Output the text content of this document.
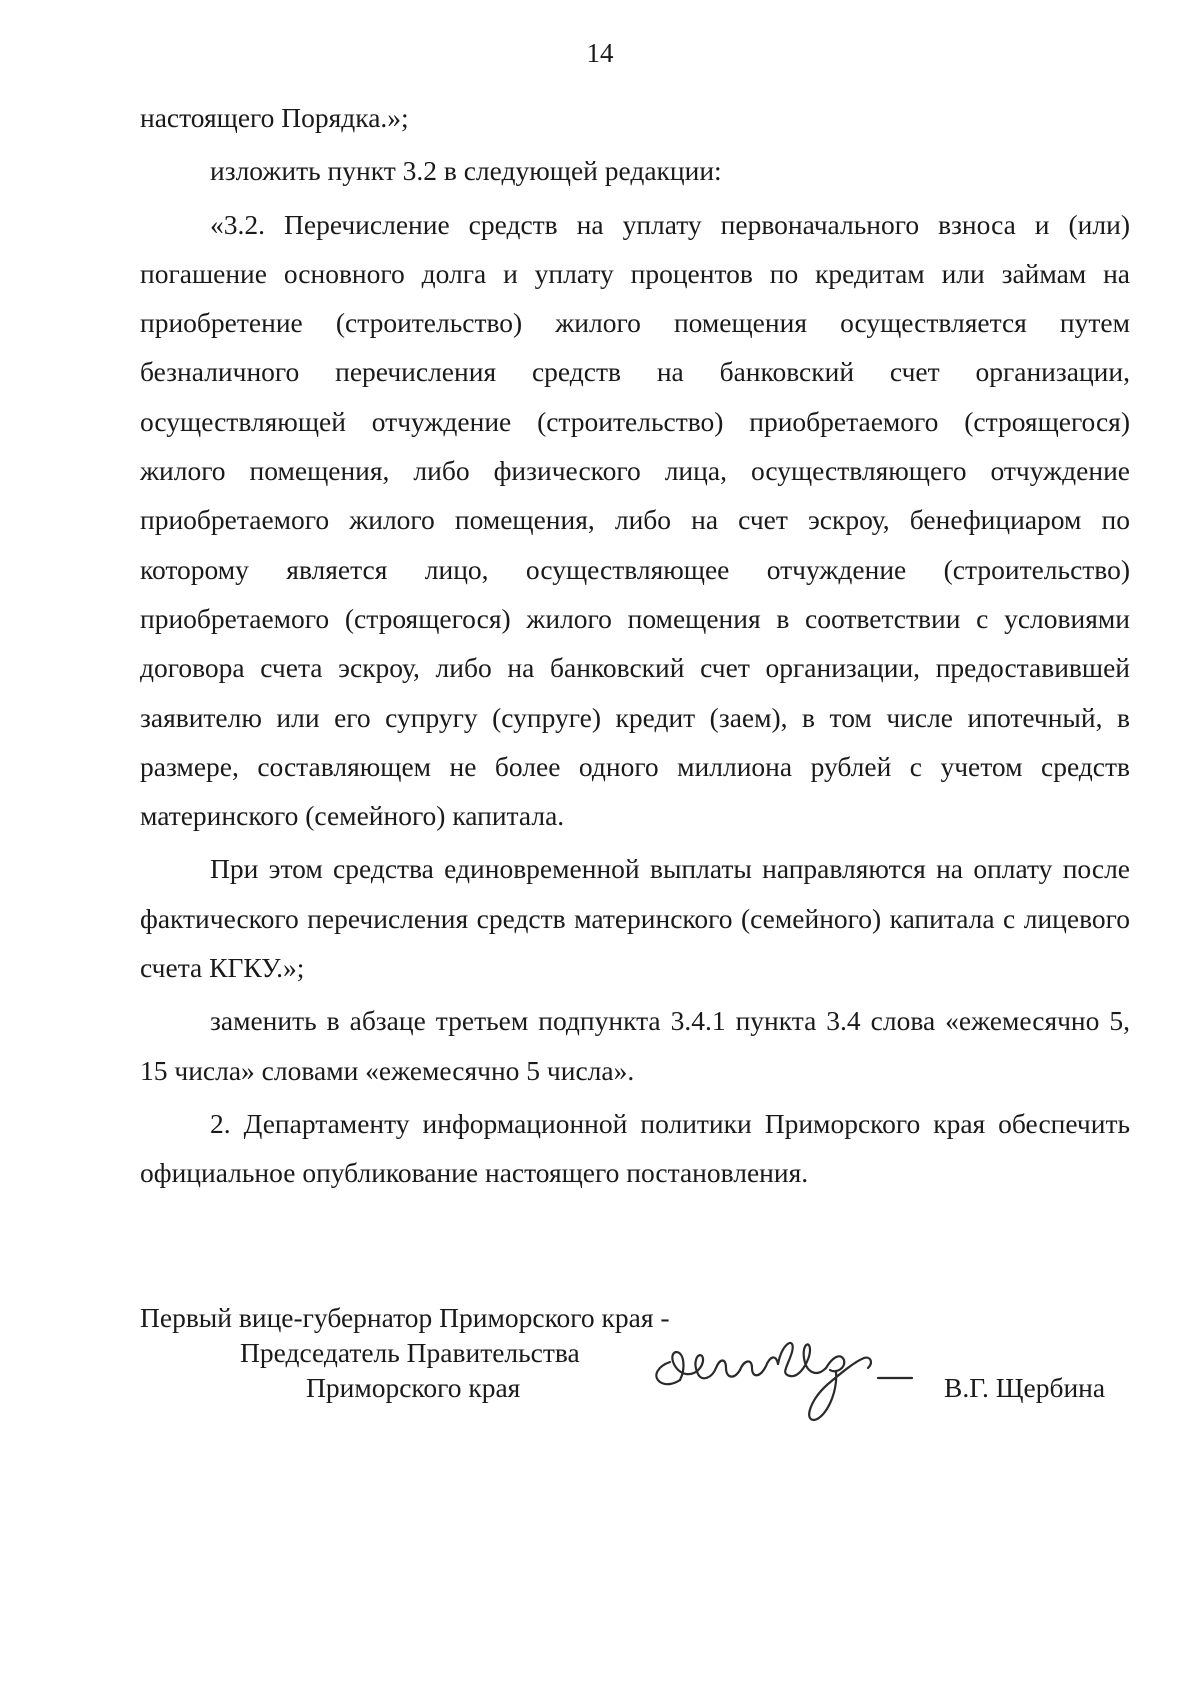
14

настоящего Порядка.»;

изложить пункт 3.2 в следующей редакции:

«3.2. Перечисление средств на уплату первоначального взноса и (или) погашение основного долга и уплату процентов по кредитам или займам на приобретение (строительство) жилого помещения осуществляется путем безналичного перечисления средств на банковский счет организации, осуществляющей отчуждение (строительство) приобретаемого (строящегося) жилого помещения, либо физического лица, осуществляющего отчуждение приобретаемого жилого помещения, либо на счет эскроу, бенефициаром по которому является лицо, осуществляющее отчуждение (строительство) приобретаемого (строящегося) жилого помещения в соответствии с условиями договора счета эскроу, либо на банковский счет организации, предоставившей заявителю или его супругу (супруге) кредит (заем), в том числе ипотечный, в размере, составляющем не более одного миллиона рублей с учетом средств материнского (семейного) капитала.

При этом средства единовременной выплаты направляются на оплату после фактического перечисления средств материнского (семейного) капитала с лицевого счета КГКУ.»;

заменить в абзаце третьем подпункта 3.4.1 пункта 3.4 слова «ежемесячно 5, 15 числа» словами «ежемесячно 5 числа».

2. Департаменту информационной политики Приморского края обеспечить официальное опубликование настоящего постановления.

Первый вице-губернатор Приморского края -
Председатель Правительства
Приморского края	В.Г. Щербина
